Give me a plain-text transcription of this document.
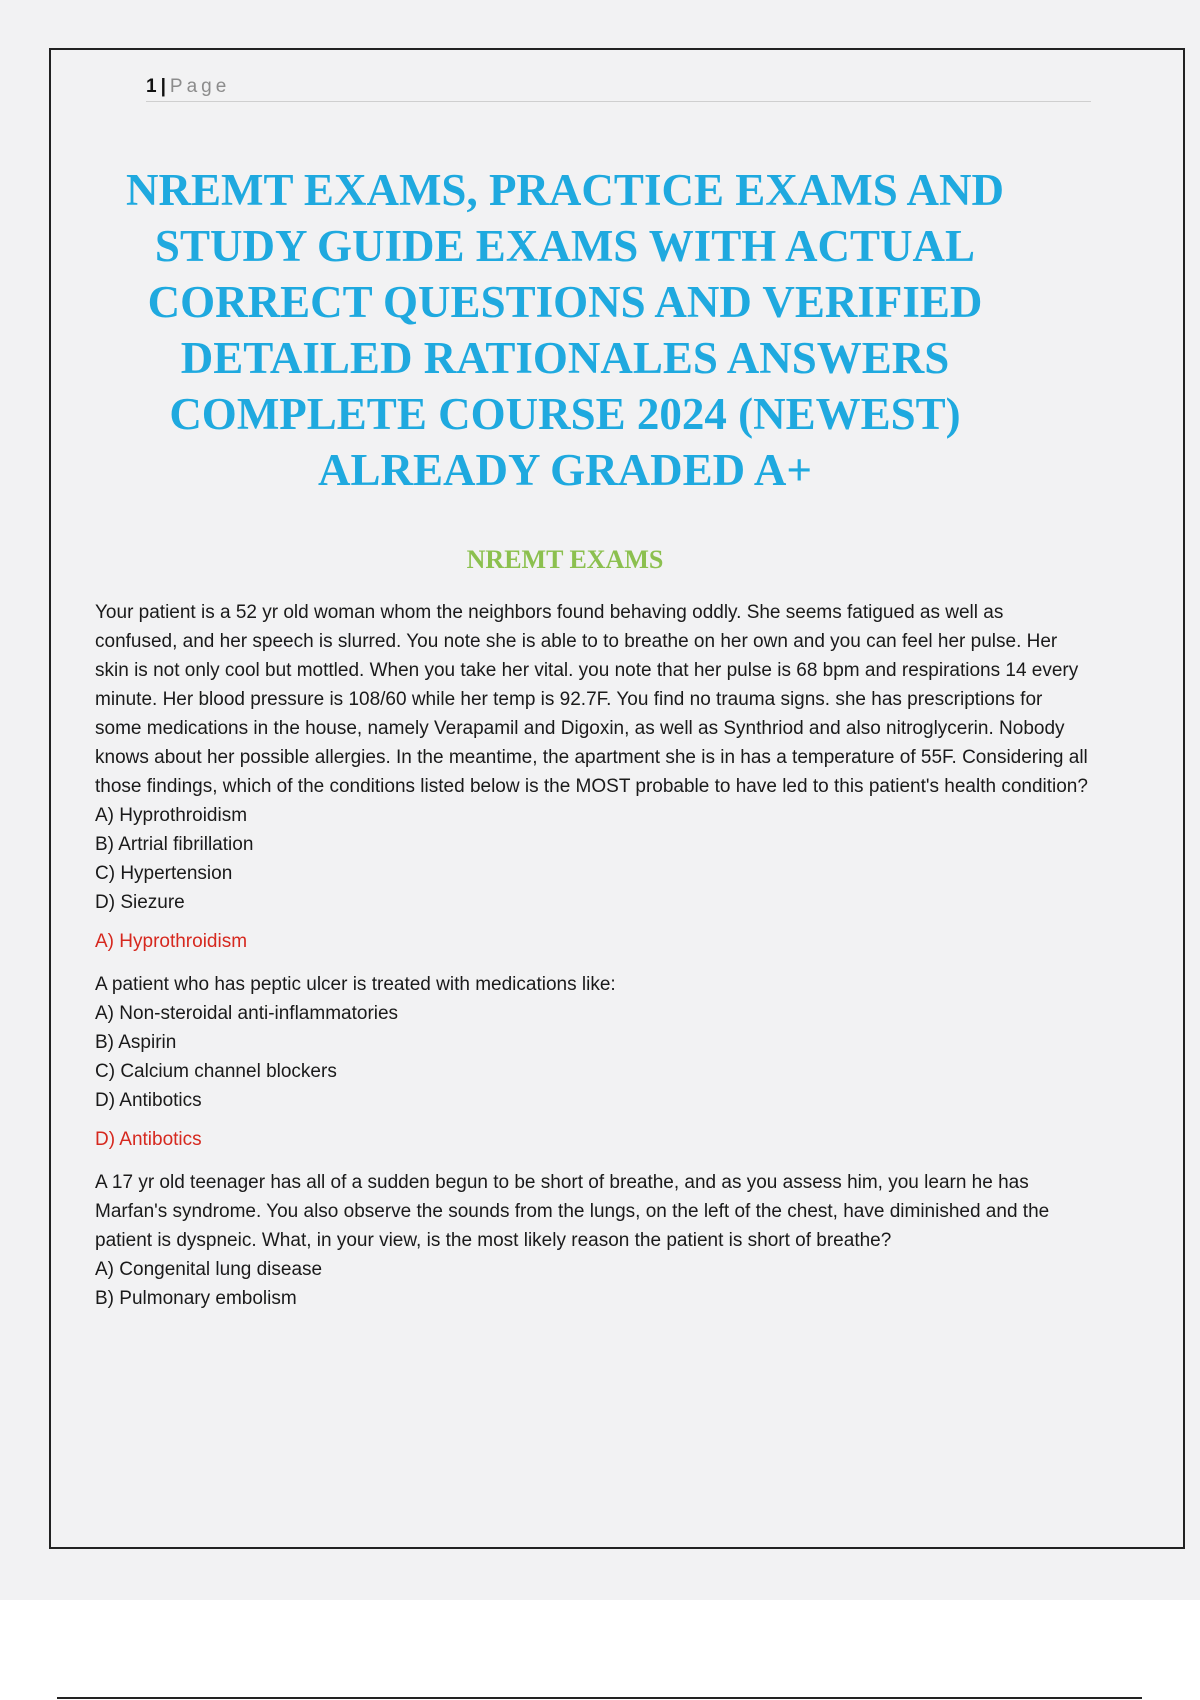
1 | Page
NREMT EXAMS, PRACTICE EXAMS AND STUDY GUIDE EXAMS WITH ACTUAL CORRECT QUESTIONS AND VERIFIED DETAILED RATIONALES ANSWERS COMPLETE COURSE 2024 (NEWEST) ALREADY GRADED A+
NREMT EXAMS

Your patient is a 52 yr old woman whom the neighbors found behaving oddly. She seems fatigued as well as confused, and her speech is slurred. You note she is able to to breathe on her own and you can feel her pulse. Her skin is not only cool but mottled. When you take her vital. you note that her pulse is 68 bpm and respirations 14 every minute. Her blood pressure is 108/60 while her temp is 92.7F. You find no trauma signs. she has prescriptions for some medications in the house, namely Verapamil and Digoxin, as well as Synthriod and also nitroglycerin. Nobody knows about her possible allergies. In the meantime, the apartment she is in has a temperature of 55F. Considering all those findings, which of the conditions listed below is the MOST probable to have led to this patient's health condition?

A) Hyprothroidism
B) Artrial fibrillation
C) Hypertension
D) Siezure

A) Hyprothroidism

A patient who has peptic ulcer is treated with medications like:

A) Non-steroidal anti-inflammatories
B) Aspirin
C) Calcium channel blockers
D) Antibotics

D) Antibotics

A 17 yr old teenager has all of a sudden begun to be short of breathe, and as you assess him, you learn he has Marfan's syndrome. You also observe the sounds from the lungs, on the left of the chest, have diminished and the patient is dyspneic. What, in your view, is the most likely reason the patient is short of breathe?

A) Congenital lung disease
B) Pulmonary embolism
